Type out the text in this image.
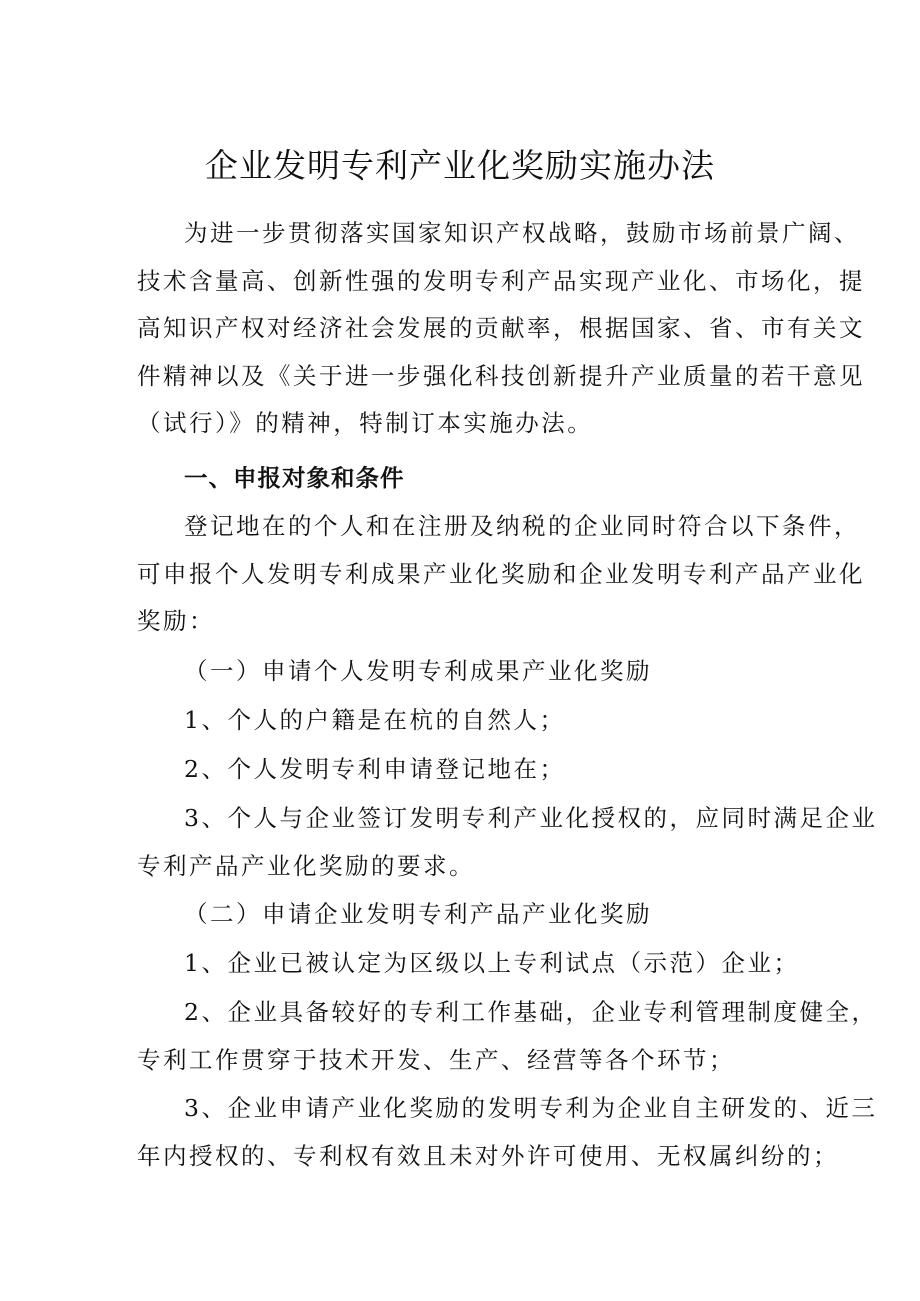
企业发明专利产业化奖励实施办法

为进一步贯彻落实国家知识产权战略，鼓励市场前景广阔、
技术含量高、创新性强的发明专利产品实现产业化、市场化，提
高知识产权对经济社会发展的贡献率，根据国家、省、市有关文
件精神以及《关于进一步强化科技创新提升产业质量的若干意见
（试行）》的精神，特制订本实施办法。

一、申报对象和条件

登记地在的个人和在注册及纳税的企业同时符合以下条件，
可申报个人发明专利成果产业化奖励和企业发明专利产品产业化
奖励：

（一）申请个人发明专利成果产业化奖励

1、个人的户籍是在杭的自然人；

2、个人发明专利申请登记地在；

3、个人与企业签订发明专利产业化授权的，应同时满足企业
专利产品产业化奖励的要求。

（二）申请企业发明专利产品产业化奖励

1、企业已被认定为区级以上专利试点（示范）企业；

2、企业具备较好的专利工作基础，企业专利管理制度健全，
专利工作贯穿于技术开发、生产、经营等各个环节；

3、企业申请产业化奖励的发明专利为企业自主研发的、近三
年内授权的、专利权有效且未对外许可使用、无权属纠纷的；
